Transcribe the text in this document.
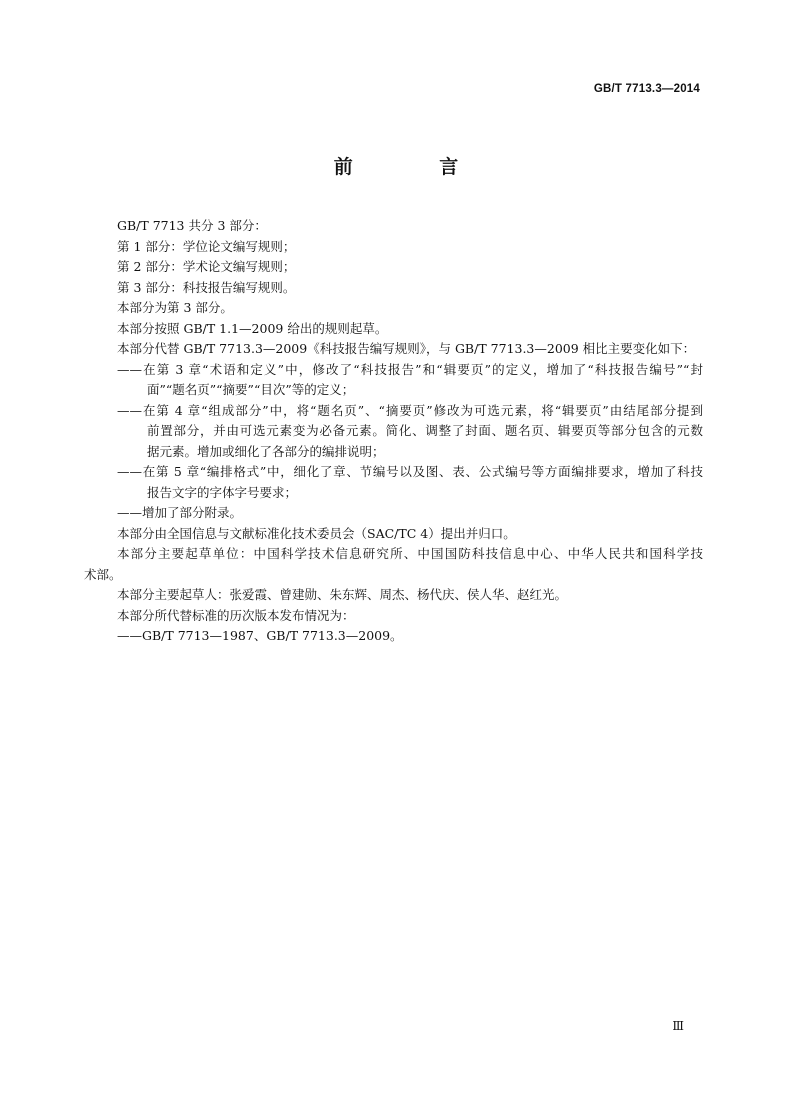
GB/T 7713.3—2014
前 言
GB/T 7713 共分 3 部分：
第 1 部分：学位论文编写规则；
第 2 部分：学术论文编写规则；
第 3 部分：科技报告编写规则。
本部分为第 3 部分。
本部分按照 GB/T 1.1—2009 给出的规则起草。
本部分代替 GB/T 7713.3—2009《科技报告编写规则》，与 GB/T 7713.3—2009 相比主要变化如下：
——在第 3 章“术语和定义”中，修改了“科技报告”和“辑要页”的定义，增加了“科技报告编号”“封
面”“题名页”“摘要”“目次”等的定义；
——在第 4 章“组成部分”中，将“题名页”、“摘要页”修改为可选元素，将“辑要页”由结尾部分提到
前置部分，并由可选元素变为必备元素。简化、调整了封面、题名页、辑要页等部分包含的元数
据元素。增加或细化了各部分的编排说明；
——在第 5 章“编排格式”中，细化了章、节编号以及图、表、公式编号等方面编排要求，增加了科技
报告文字的字体字号要求；
——增加了部分附录。
本部分由全国信息与文献标准化技术委员会（SAC/TC 4）提出并归口。
本部分主要起草单位：中国科学技术信息研究所、中国国防科技信息中心、中华人民共和国科学技
术部。
本部分主要起草人：张爱霞、曾建勋、朱东辉、周杰、杨代庆、侯人华、赵红光。
本部分所代替标准的历次版本发布情况为：
——GB/T 7713—1987、GB/T 7713.3—2009。
Ⅲ
